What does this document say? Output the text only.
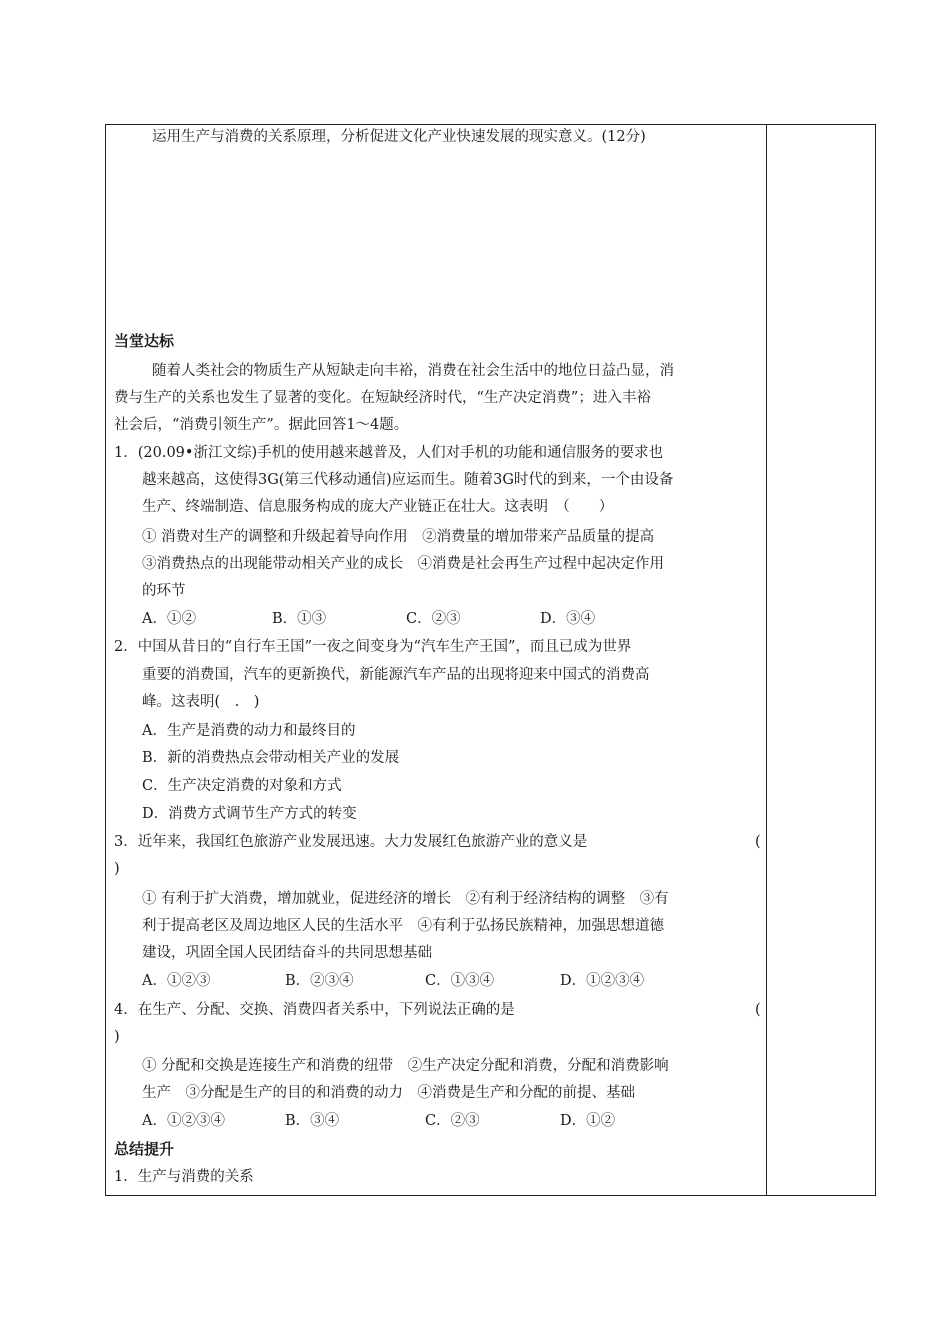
运用生产与消费的关系原理，分析促进文化产业快速发展的现实意义。(12分)
当堂达标
随着人类社会的物质生产从短缺走向丰裕，消费在社会生活中的地位日益凸显，消
费与生产的关系也发生了显著的变化。在短缺经济时代，“生产决定消费”；进入丰裕
社会后，“消费引领生产”。据此回答1～4题。
1．(20.09•浙江文综)手机的使用越来越普及，人们对手机的功能和通信服务的要求也
越来越高，这使得3G(第三代移动通信)应运而生。随着3G时代的到来，一个由设备
生产、终端制造、信息服务构成的庞大产业链正在壮大。这表明　（　　）
① 消费对生产的调整和升级起着导向作用　②消费量的增加带来产品质量的提高
③消费热点的出现能带动相关产业的成长　④消费是社会再生产过程中起决定作用
的环节
A．①②	B．①③	C．②③	D．③④
2．中国从昔日的“自行车王国”一夜之间变身为“汽车生产王国”，而且已成为世界
重要的消费国，汽车的更新换代，新能源汽车产品的出现将迎来中国式的消费高
峰。这表明(　.　)
A．生产是消费的动力和最终目的
B．新的消费热点会带动相关产业的发展
C．生产决定消费的对象和方式
D．消费方式调节生产方式的转变
3．近年来，我国红色旅游产业发展迅速。大力发展红色旅游产业的意义是	(
)
① 有利于扩大消费，增加就业，促进经济的增长　②有利于经济结构的调整　③有
利于提高老区及周边地区人民的生活水平　④有利于弘扬民族精神，加强思想道德
建设，巩固全国人民团结奋斗的共同思想基础
A．①②③	B．②③④	C．①③④	D．①②③④
4．在生产、分配、交换、消费四者关系中，下列说法正确的是	(
)
① 分配和交换是连接生产和消费的纽带　②生产决定分配和消费，分配和消费影响
生产　③分配是生产的目的和消费的动力　④消费是生产和分配的前提、基础
A．①②③④	B．③④	C．②③	D．①②
总结提升
1．生产与消费的关系
